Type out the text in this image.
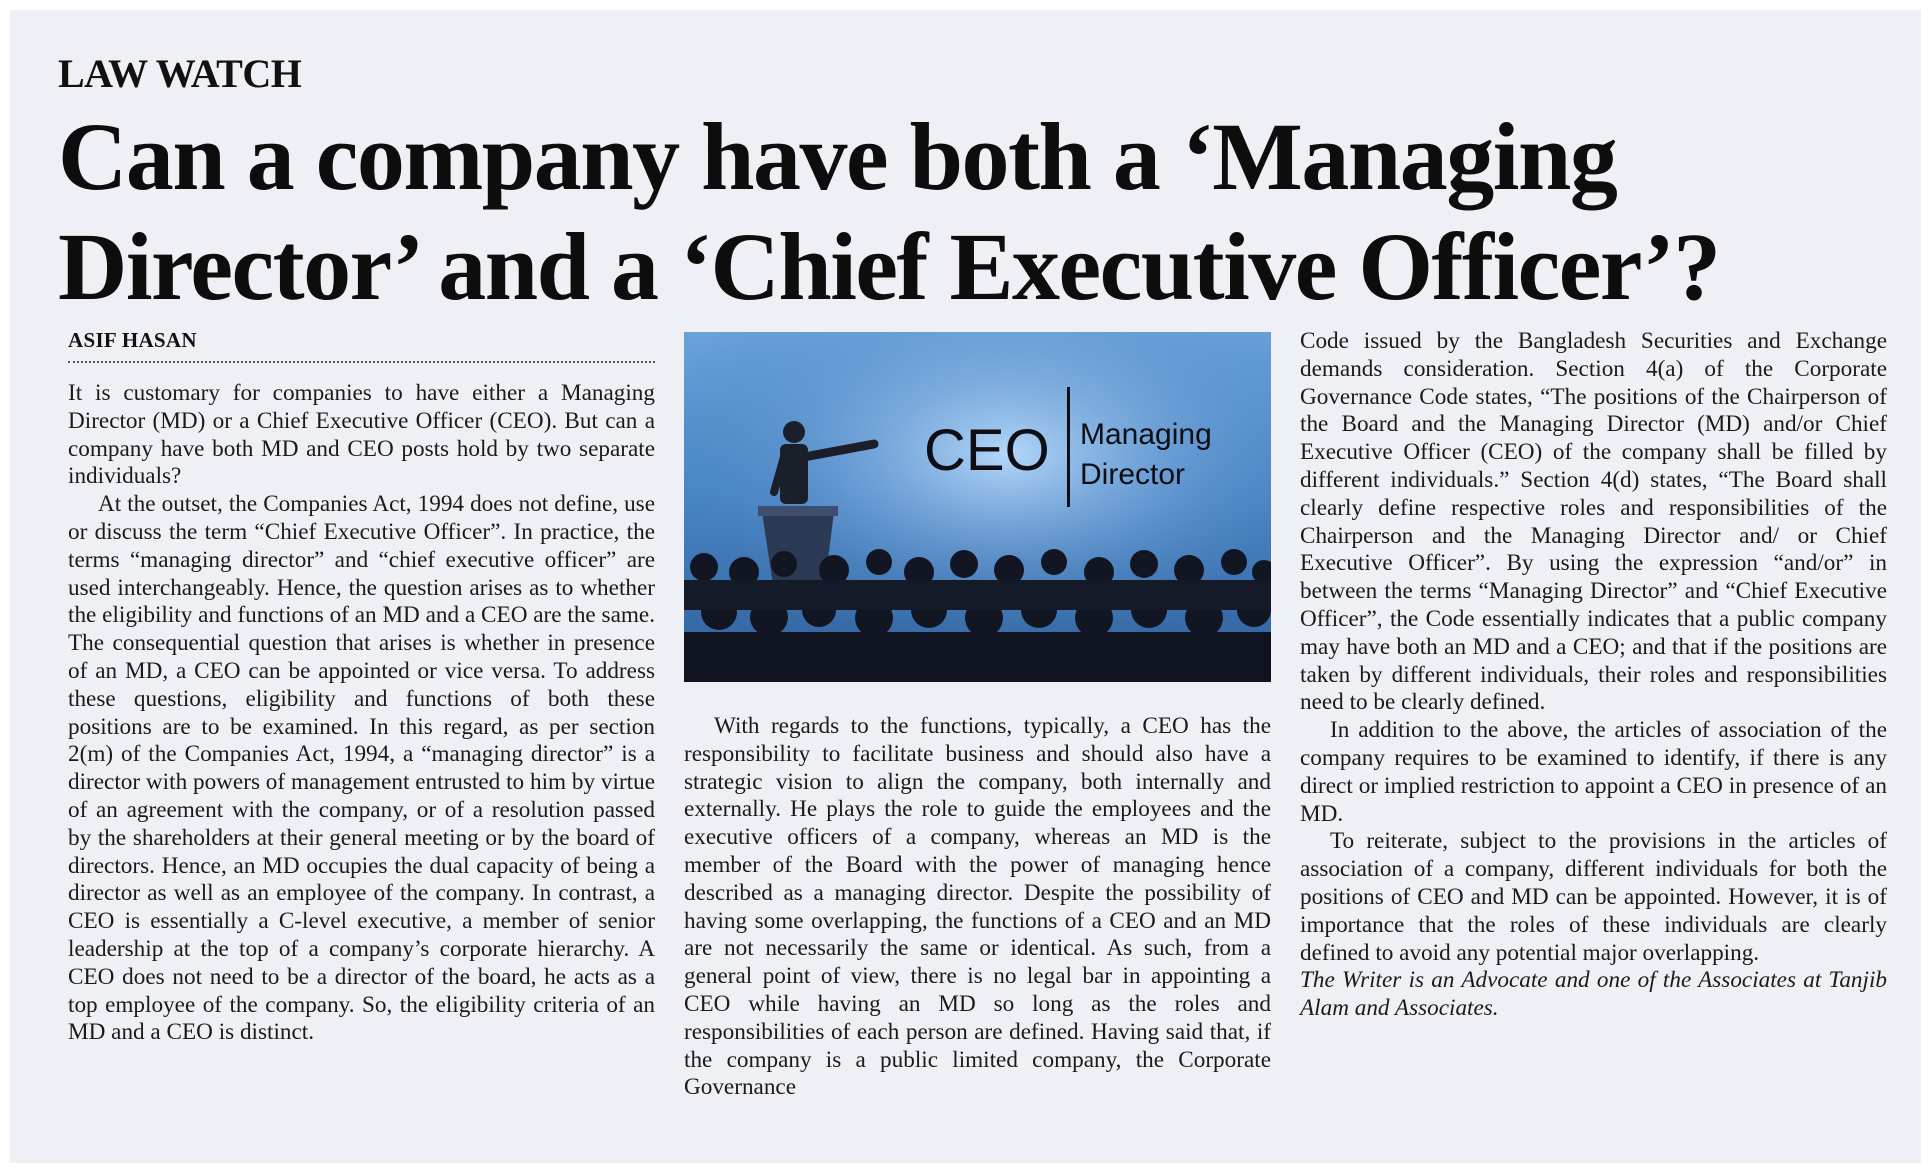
LAW WATCH
Can a company have both a ‘Managing Director’ and a ‘Chief Executive Officer’?
ASIF HASAN

It is customary for companies to have either a Managing Director (MD) or a Chief Executive Officer (CEO). But can a company have both MD and CEO posts hold by two separate individuals?

At the outset, the Companies Act, 1994 does not define, use or discuss the term “Chief Executive Officer”. In practice, the terms “managing director” and “chief executive officer” are used interchangeably. Hence, the question arises as to whether the eligibility and functions of an MD and a CEO are the same. The consequential question that arises is whether in presence of an MD, a CEO can be appointed or vice versa. To address these questions, eligibility and functions of both these positions are to be examined. In this regard, as per section 2(m) of the Companies Act, 1994, a “managing director” is a director with powers of management entrusted to him by virtue of an agreement with the company, or of a resolution passed by the shareholders at their general meeting or by the board of directors. Hence, an MD occupies the dual capacity of being a director as well as an employee of the company. In contrast, a CEO is essentially a C-level executive, a member of senior leadership at the top of a company’s corporate hierarchy. A CEO does not need to be a director of the board, he acts as a top employee of the company. So, the eligibility criteria of an MD and a CEO is distinct.

CEO Managing
Director

With regards to the functions, typically, a CEO has the responsibility to facilitate business and should also have a strategic vision to align the company, both internally and externally. He plays the role to guide the employees and the executive officers of a company, whereas an MD is the member of the Board with the power of managing hence described as a managing director. Despite the possibility of having some overlapping, the functions of a CEO and an MD are not necessarily the same or identical. As such, from a general point of view, there is no legal bar in appointing a CEO while having an MD so long as the roles and responsibilities of each person are defined. Having said that, if the company is a public limited company, the Corporate Governance

Code issued by the Bangladesh Securities and Exchange demands consideration. Section 4(a) of the Corporate Governance Code states, “The positions of the Chairperson of the Board and the Managing Director (MD) and/or Chief Executive Officer (CEO) of the company shall be filled by different individuals.” Section 4(d) states, “The Board shall clearly define respective roles and responsibilities of the Chairperson and the Managing Director and/ or Chief Executive Officer”. By using the expression “and/or” in between the terms “Managing Director” and “Chief Executive Officer”, the Code essentially indicates that a public company may have both an MD and a CEO; and that if the positions are taken by different individuals, their roles and responsibilities need to be clearly defined.

In addition to the above, the articles of association of the company requires to be examined to identify, if there is any direct or implied restriction to appoint a CEO in presence of an MD.

To reiterate, subject to the provisions in the articles of association of a company, different individuals for both the positions of CEO and MD can be appointed. However, it is of importance that the roles of these individuals are clearly defined to avoid any potential major overlapping.

The Writer is an Advocate and one of the Associates at Tanjib Alam and Associates.
